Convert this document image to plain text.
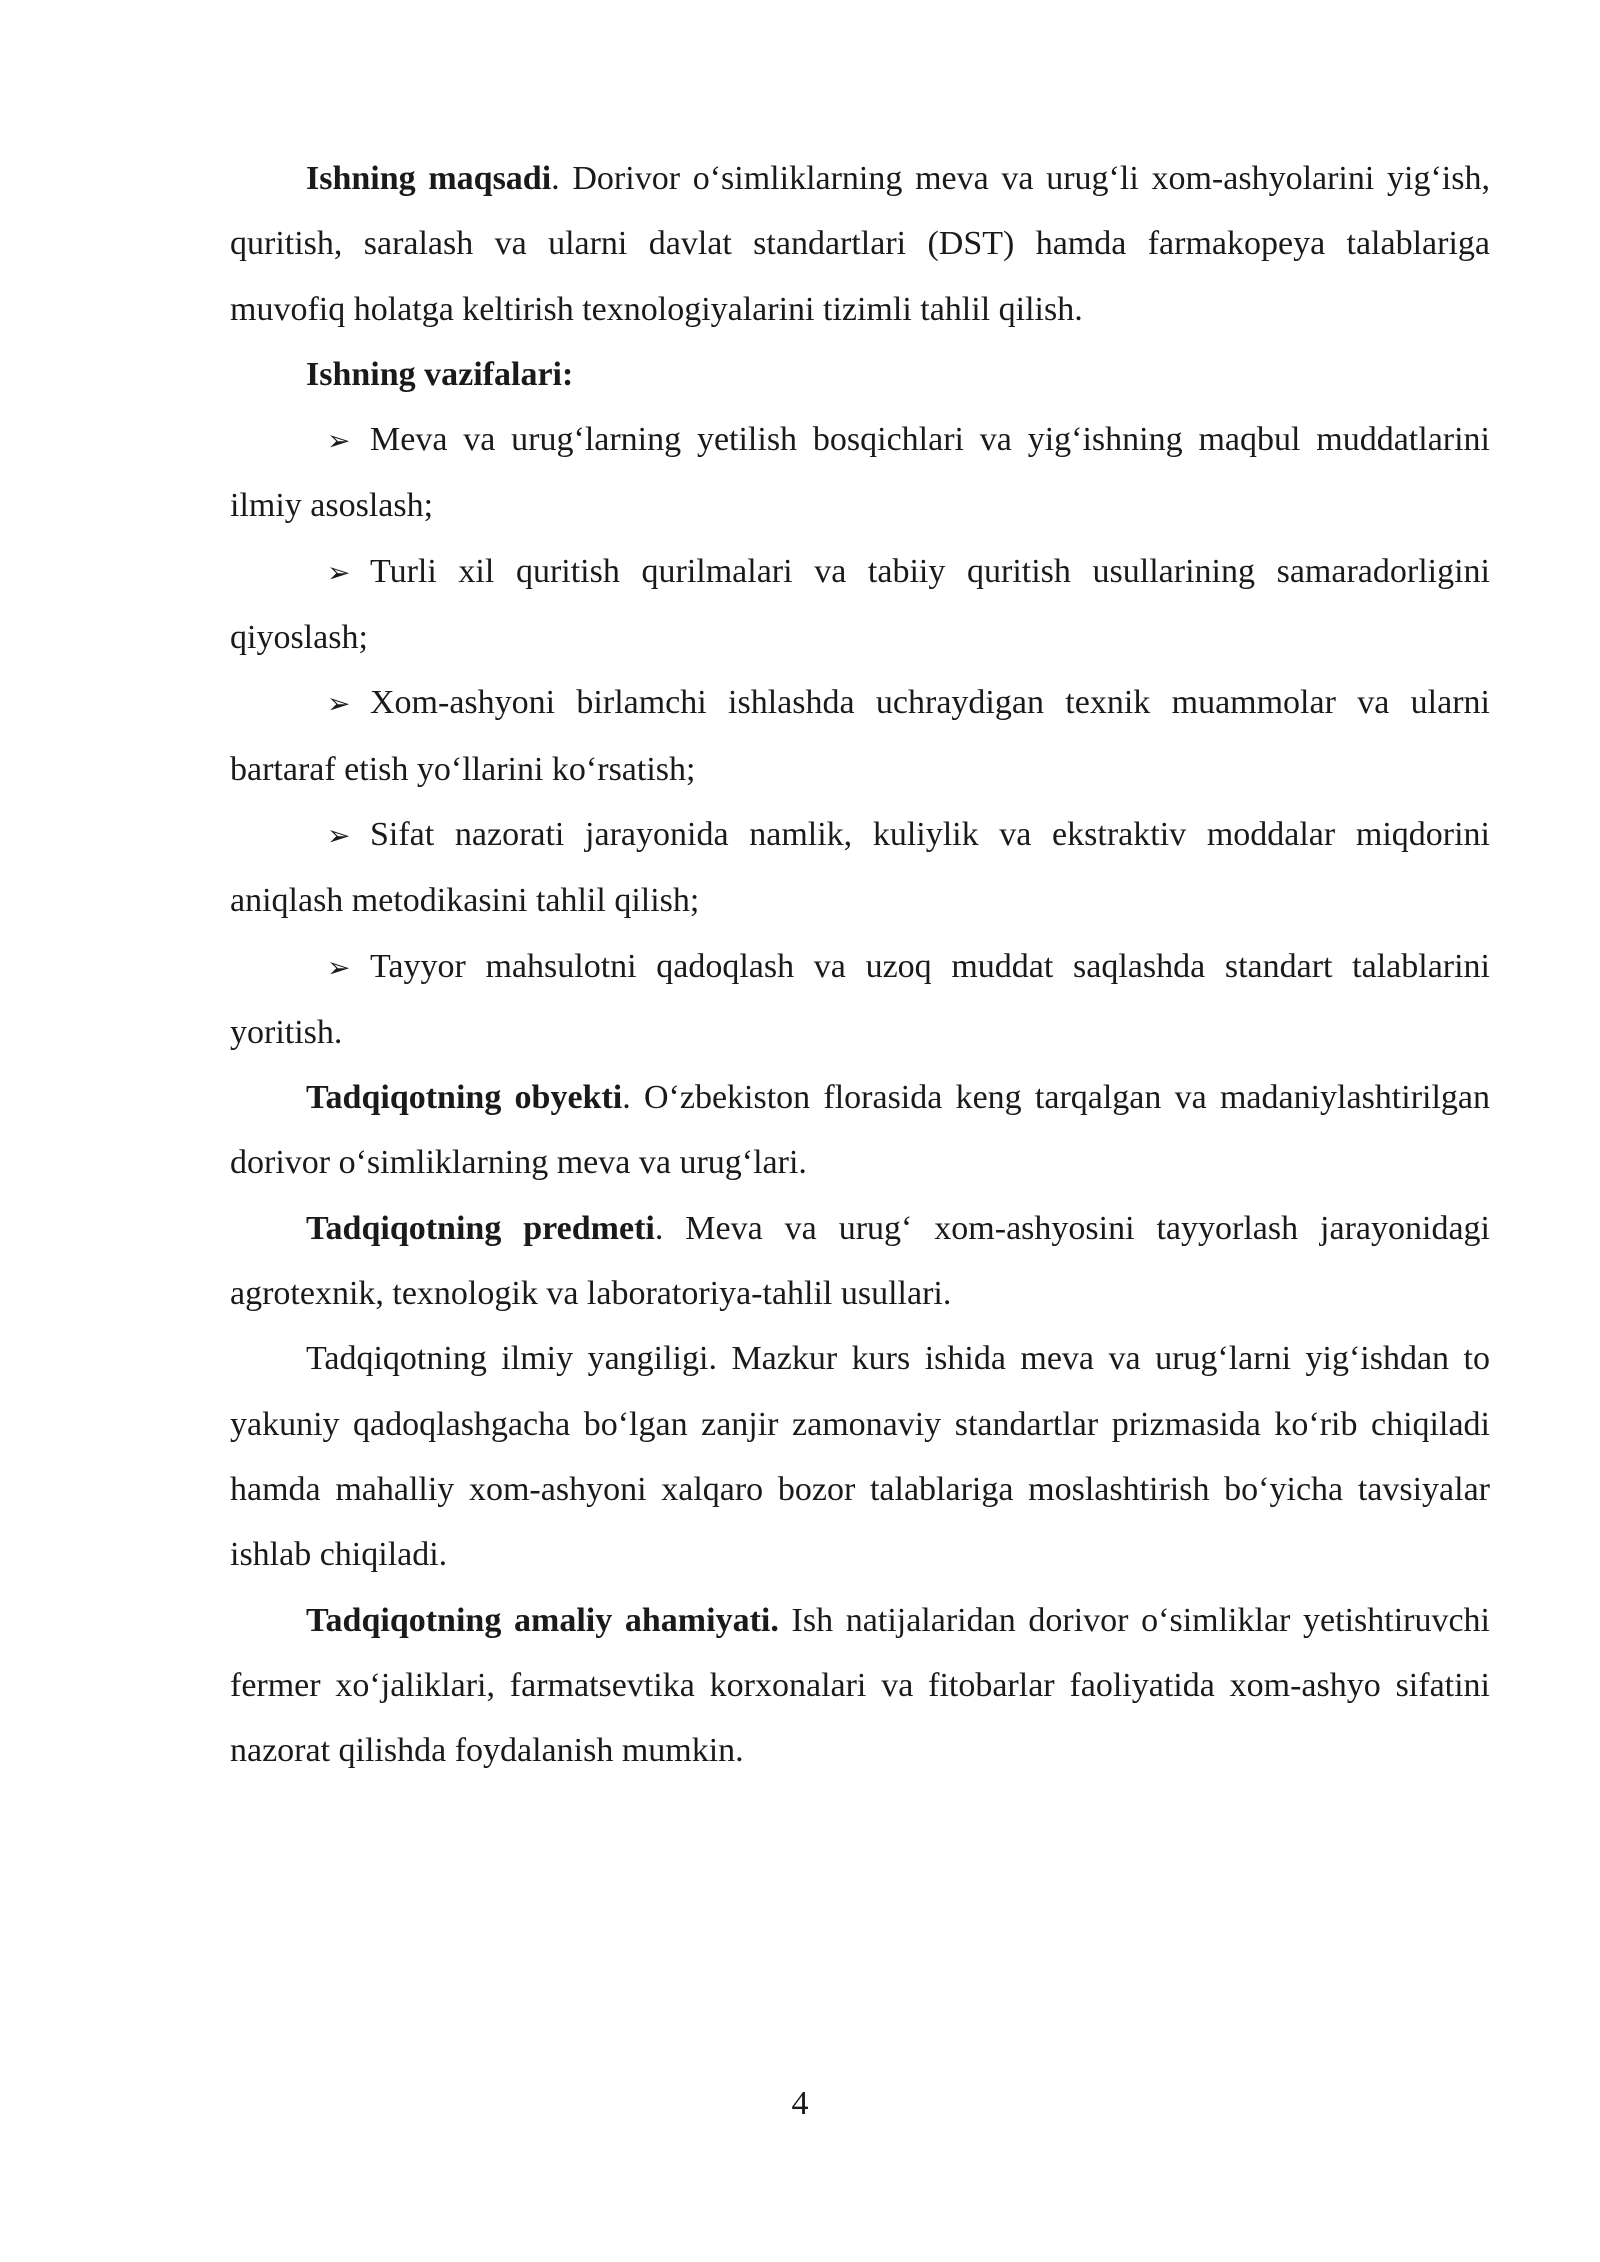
Ishning maqsadi. Dorivor o‘simliklarning meva va urug‘li xom-ashyolarini yig‘ish, quritish, saralash va ularni davlat standartlari (DST) hamda farmakopeya talablariga muvofiq holatga keltirish texnologiyalarini tizimli tahlil qilish.

Ishning vazifalari:

➢ Meva va urug‘larning yetilish bosqichlari va yig‘ishning maqbul muddatlarini ilmiy asoslash;

➢ Turli xil quritish qurilmalari va tabiiy quritish usullarining samaradorligini qiyoslash;

➢ Xom-ashyoni birlamchi ishlashda uchraydigan texnik muammolar va ularni bartaraf etish yo‘llarini ko‘rsatish;

➢ Sifat nazorati jarayonida namlik, kuliylik va ekstraktiv moddalar miqdorini aniqlash metodikasini tahlil qilish;

➢ Tayyor mahsulotni qadoqlash va uzoq muddat saqlashda standart talablarini yoritish.

Tadqiqotning obyekti. O‘zbekiston florasida keng tarqalgan va madaniylashtirilgan dorivor o‘simliklarning meva va urug‘lari.

Tadqiqotning predmeti. Meva va urug‘ xom-ashyosini tayyorlash jarayonidagi agrotexnik, texnologik va laboratoriya-tahlil usullari.

Tadqiqotning ilmiy yangiligi. Mazkur kurs ishida meva va urug‘larni yig‘ishdan to yakuniy qadoqlashgacha bo‘lgan zanjir zamonaviy standartlar prizmasida ko‘rib chiqiladi hamda mahalliy xom-ashyoni xalqaro bozor talablariga moslashtirish bo‘yicha tavsiyalar ishlab chiqiladi.

Tadqiqotning amaliy ahamiyati. Ish natijalaridan dorivor o‘simliklar yetishtiruvchi fermer xo‘jaliklari, farmatsevtika korxonalari va fitobarlar faoliyatida xom-ashyo sifatini nazorat qilishda foydalanish mumkin.

4
